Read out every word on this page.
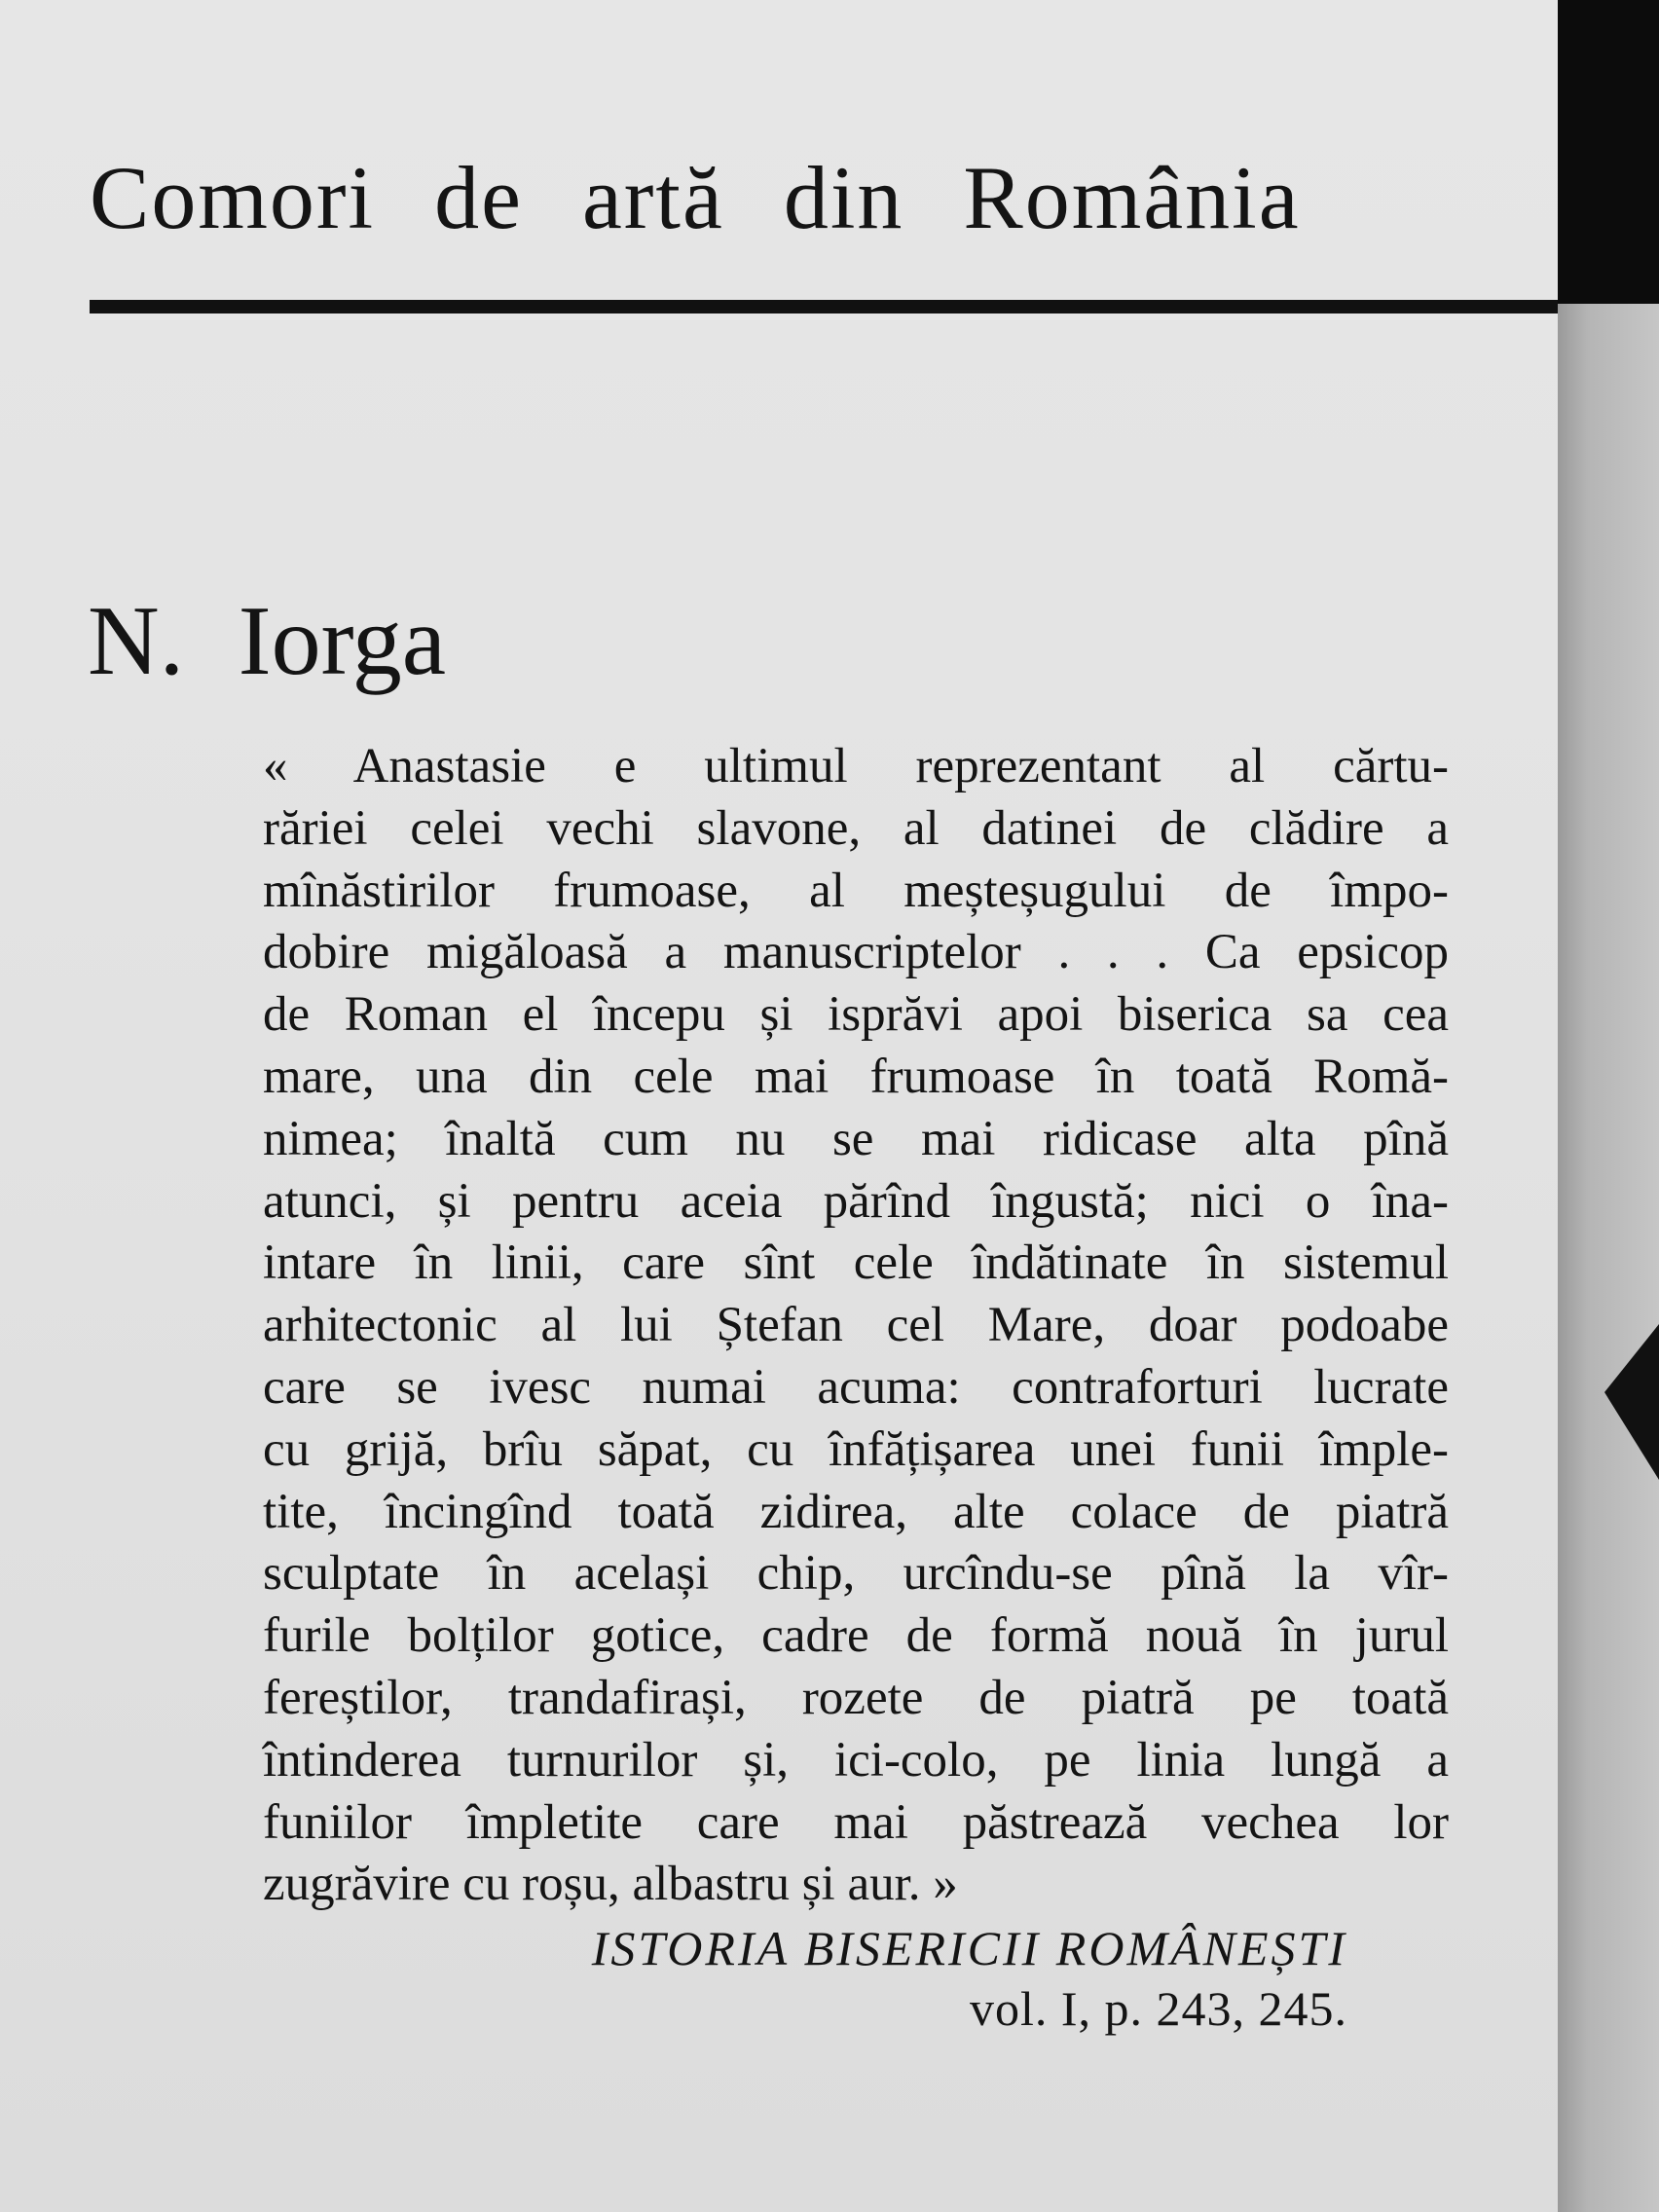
Comori de artă din România
N. Iorga

« Anastasie e ultimul reprezentant al cărtu-
răriei celei vechi slavone, al datinei de clădire a
mînăstirilor frumoase, al meșteșugului de împo-
dobire migăloasă a manuscriptelor . . . Ca epsicop
de Roman el începu și isprăvi apoi biserica sa cea
mare, una din cele mai frumoase în toată Romă-
nimea; înaltă cum nu se mai ridicase alta pînă
atunci, și pentru aceia părînd îngustă; nici o îna-
intare în linii, care sînt cele îndătinate în sistemul
arhitectonic al lui Ștefan cel Mare, doar podoabe
care se ivesc numai acuma: contraforturi lucrate
cu grijă, brîu săpat, cu înfățișarea unei funii împle-
tite, încingînd toată zidirea, alte colace de piatră
sculptate în același chip, urcîndu-se pînă la vîr-
furile bolților gotice, cadre de formă nouă în jurul
fereștilor, trandafirași, rozete de piatră pe toată
întinderea turnurilor și, ici-colo, pe linia lungă a
funiilor împletite care mai păstrează vechea lor
zugrăvire cu roșu, albastru și aur. »

ISTORIA BISERICII ROMÂNEȘTI
vol. I, p. 243, 245.
